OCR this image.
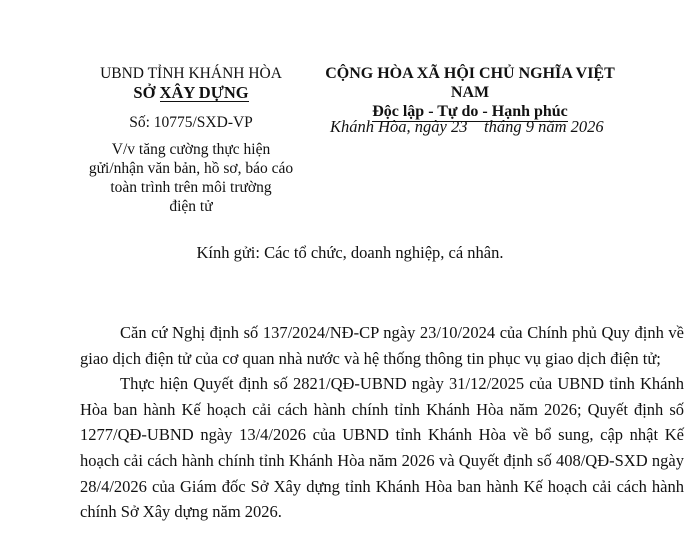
UBND TỈNH KHÁNH HÒA
SỞ XÂY DỰNG
Số: 10775/SXD-VP
V/v tăng cường thực hiện
gửi/nhận văn bản, hồ sơ, báo cáo
toàn trình trên môi trường
điện tử
CỘNG HÒA XÃ HỘI CHỦ NGHĨA VIỆT NAM
Độc lập - Tự do - Hạnh phúc
Khánh Hòa, ngày 23    tháng 9 năm 2026
Kính gửi: Các tổ chức, doanh nghiệp, cá nhân.

Căn cứ Nghị định số 137/2024/NĐ-CP ngày 23/10/2024 của Chính phủ Quy định về giao dịch điện tử của cơ quan nhà nước và hệ thống thông tin phục vụ giao dịch điện tử;

Thực hiện Quyết định số 2821/QĐ-UBND ngày 31/12/2025 của UBND tỉnh Khánh Hòa ban hành Kế hoạch cải cách hành chính tỉnh Khánh Hòa năm 2026; Quyết định số 1277/QĐ-UBND ngày 13/4/2026 của UBND tỉnh Khánh Hòa về bổ sung, cập nhật Kế hoạch cải cách hành chính tỉnh Khánh Hòa năm 2026 và Quyết định số 408/QĐ-SXD ngày 28/4/2026 của Giám đốc Sở Xây dựng tỉnh Khánh Hòa ban hành Kế hoạch cải cách hành chính Sở Xây dựng năm 2026.
